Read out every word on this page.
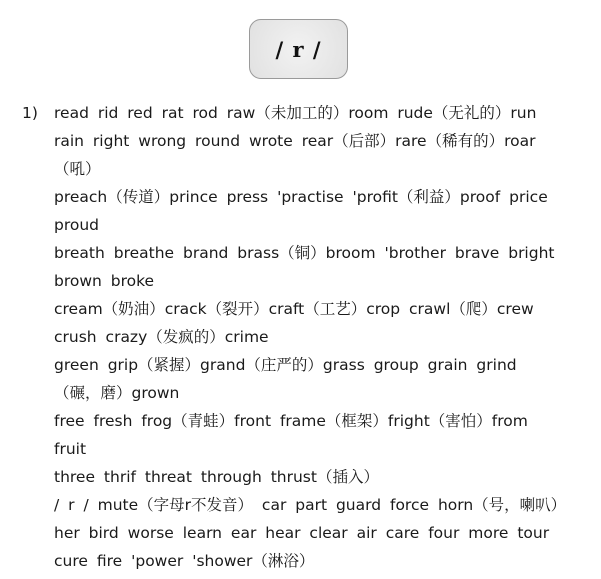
/ r /
1) read rid red rat rod raw（未加工的）room rude（无礼的）run
rain right wrong round wrote rear（后部）rare（稀有的）roar
（吼）
preach（传道）prince press 'practise 'profit（利益）proof price
proud
breath breathe brand brass（铜）broom 'brother brave bright
brown broke
cream（奶油）crack（裂开）craft（工艺）crop crawl（爬）crew
crush crazy（发疯的）crime
green grip（紧握）grand（庄严的）grass group grain grind
（碾，磨）grown
free fresh frog（青蛙）front frame（框架）fright（害怕）from
fruit
three thrif threat through thrust（插入）
/ r / mute（字母r不发音） car part guard force horn（号，喇叭）
her bird worse learn ear hear clear air care four more tour
cure fire 'power 'shower（淋浴）
